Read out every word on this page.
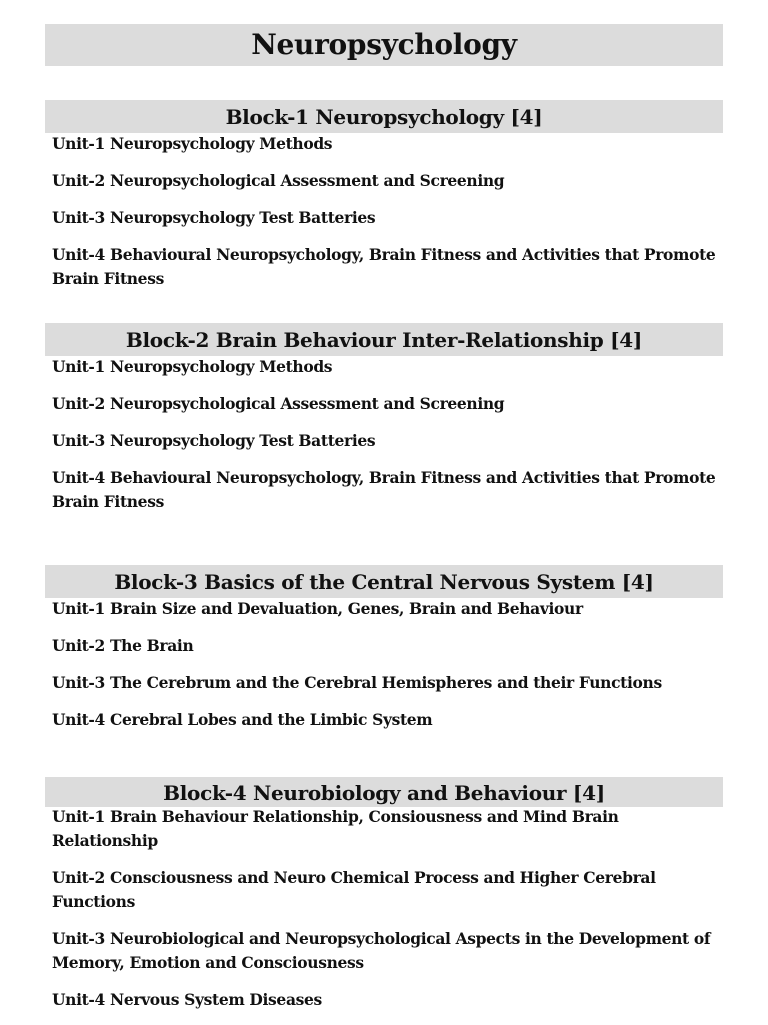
Neuropsychology
Block-1 Neuropsychology [4]
Unit-1 Neuropsychology Methods
Unit-2 Neuropsychological Assessment and Screening
Unit-3 Neuropsychology Test Batteries
Unit-4 Behavioural Neuropsychology, Brain Fitness and Activities that Promote Brain Fitness
Block-2 Brain Behaviour Inter-Relationship [4]
Unit-1 Neuropsychology Methods
Unit-2 Neuropsychological Assessment and Screening
Unit-3 Neuropsychology Test Batteries
Unit-4 Behavioural Neuropsychology, Brain Fitness and Activities that Promote Brain Fitness
Block-3 Basics of the Central Nervous System [4]
Unit-1 Brain Size and Devaluation, Genes, Brain and Behaviour
Unit-2 The Brain
Unit-3 The Cerebrum and the Cerebral Hemispheres and their Functions
Unit-4 Cerebral Lobes and the Limbic System
Block-4 Neurobiology and Behaviour [4]
Unit-1 Brain Behaviour Relationship, Consiousness and Mind Brain Relationship
Unit-2 Consciousness and Neuro Chemical Process and Higher Cerebral Functions
Unit-3 Neurobiological and Neuropsychological Aspects in the Development of Memory, Emotion and Consciousness
Unit-4 Nervous System Diseases
